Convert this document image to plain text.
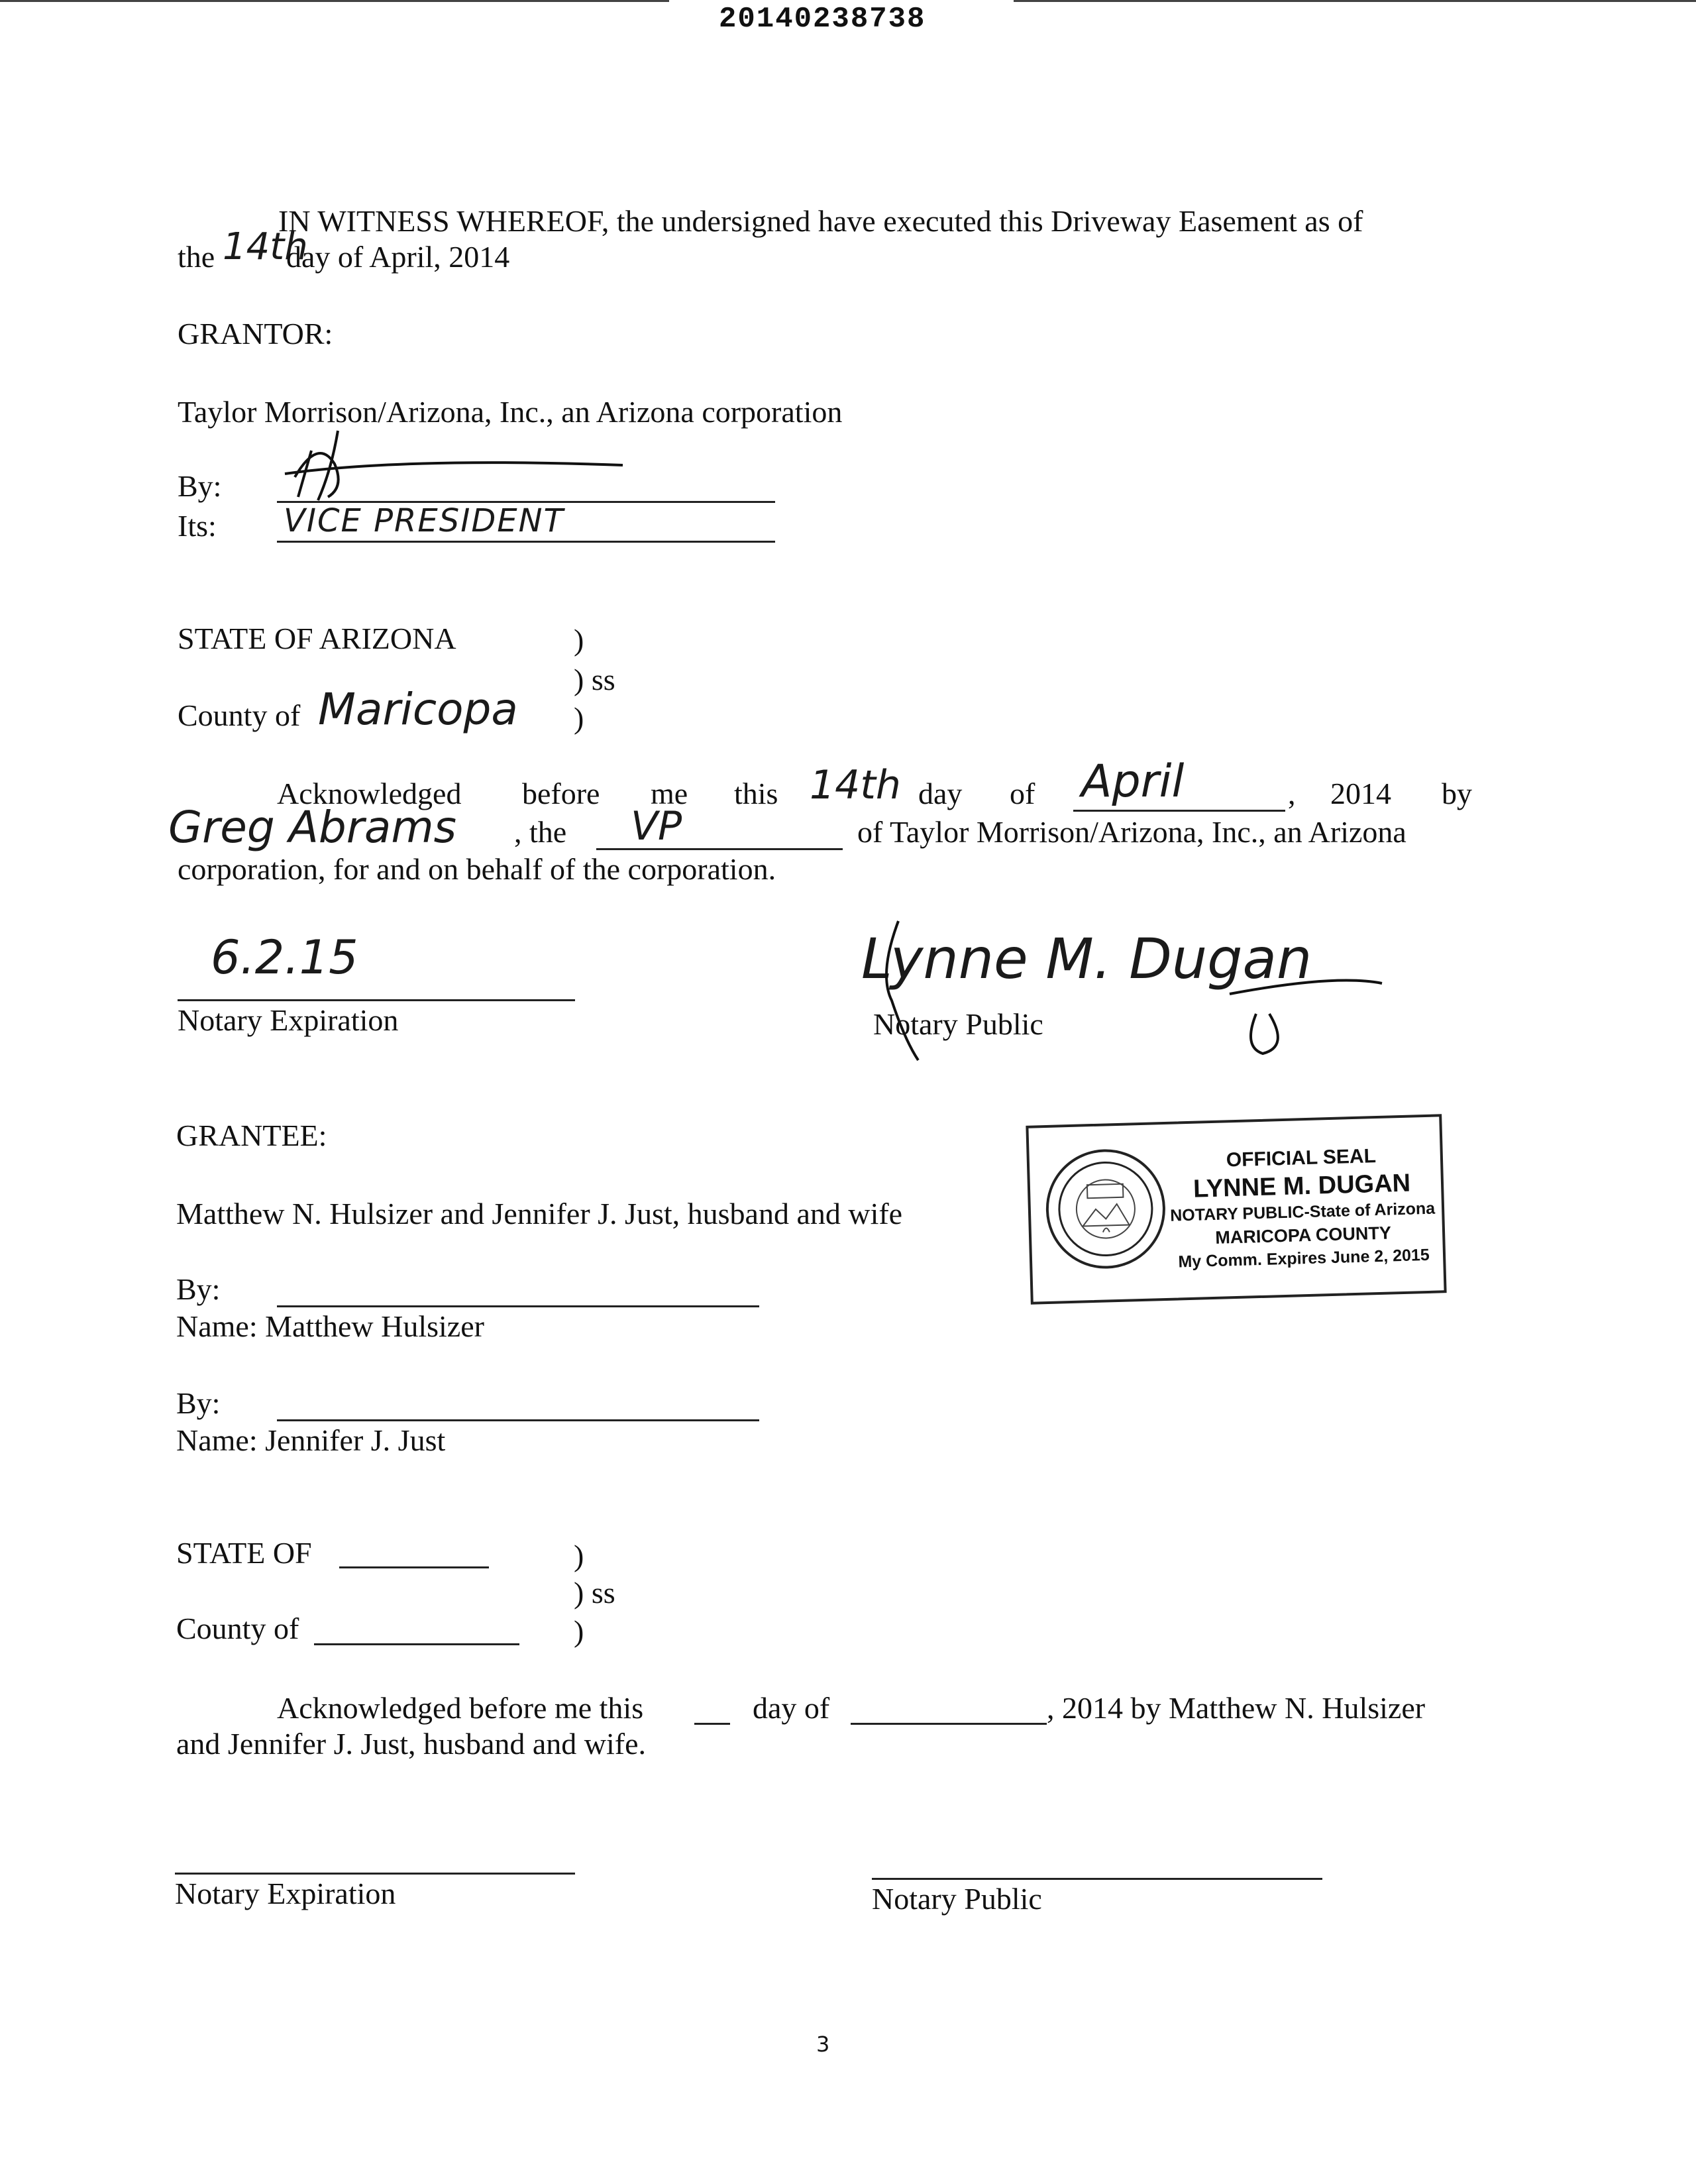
20140238738
IN WITNESS WHEREOF, the undersigned have executed this Driveway Easement as of
the 14th
day of April, 2014
GRANTOR:
Taylor Morrison/Arizona, Inc., an Arizona corporation
By:
Its: VICE PRESIDENT
STATE OF ARIZONA	)
) ss
County of Maricopa )
Acknowledged before me this 14th day of April	, 2014 by
Greg Abrams , the VP	of Taylor Morrison/Arizona, Inc., an Arizona
corporation, for and on behalf of the corporation.
6.2.15
Notary Expiration
Lynne M. Dugan
Notary Public
OFFICIAL SEAL
LYNNE M. DUGAN
NOTARY PUBLIC-State of Arizona
MARICOPA COUNTY
My Comm. Expires June 2, 2015
GRANTEE:
Matthew N. Hulsizer and Jennifer J. Just, husband and wife
By:
Name: Matthew Hulsizer
By:
Name: Jennifer J. Just
STATE OF	)
) ss
County of	)
Acknowledged before me this	day of	, 2014 by Matthew N. Hulsizer
and Jennifer J. Just, husband and wife.
Notary Expiration	Notary Public
3
